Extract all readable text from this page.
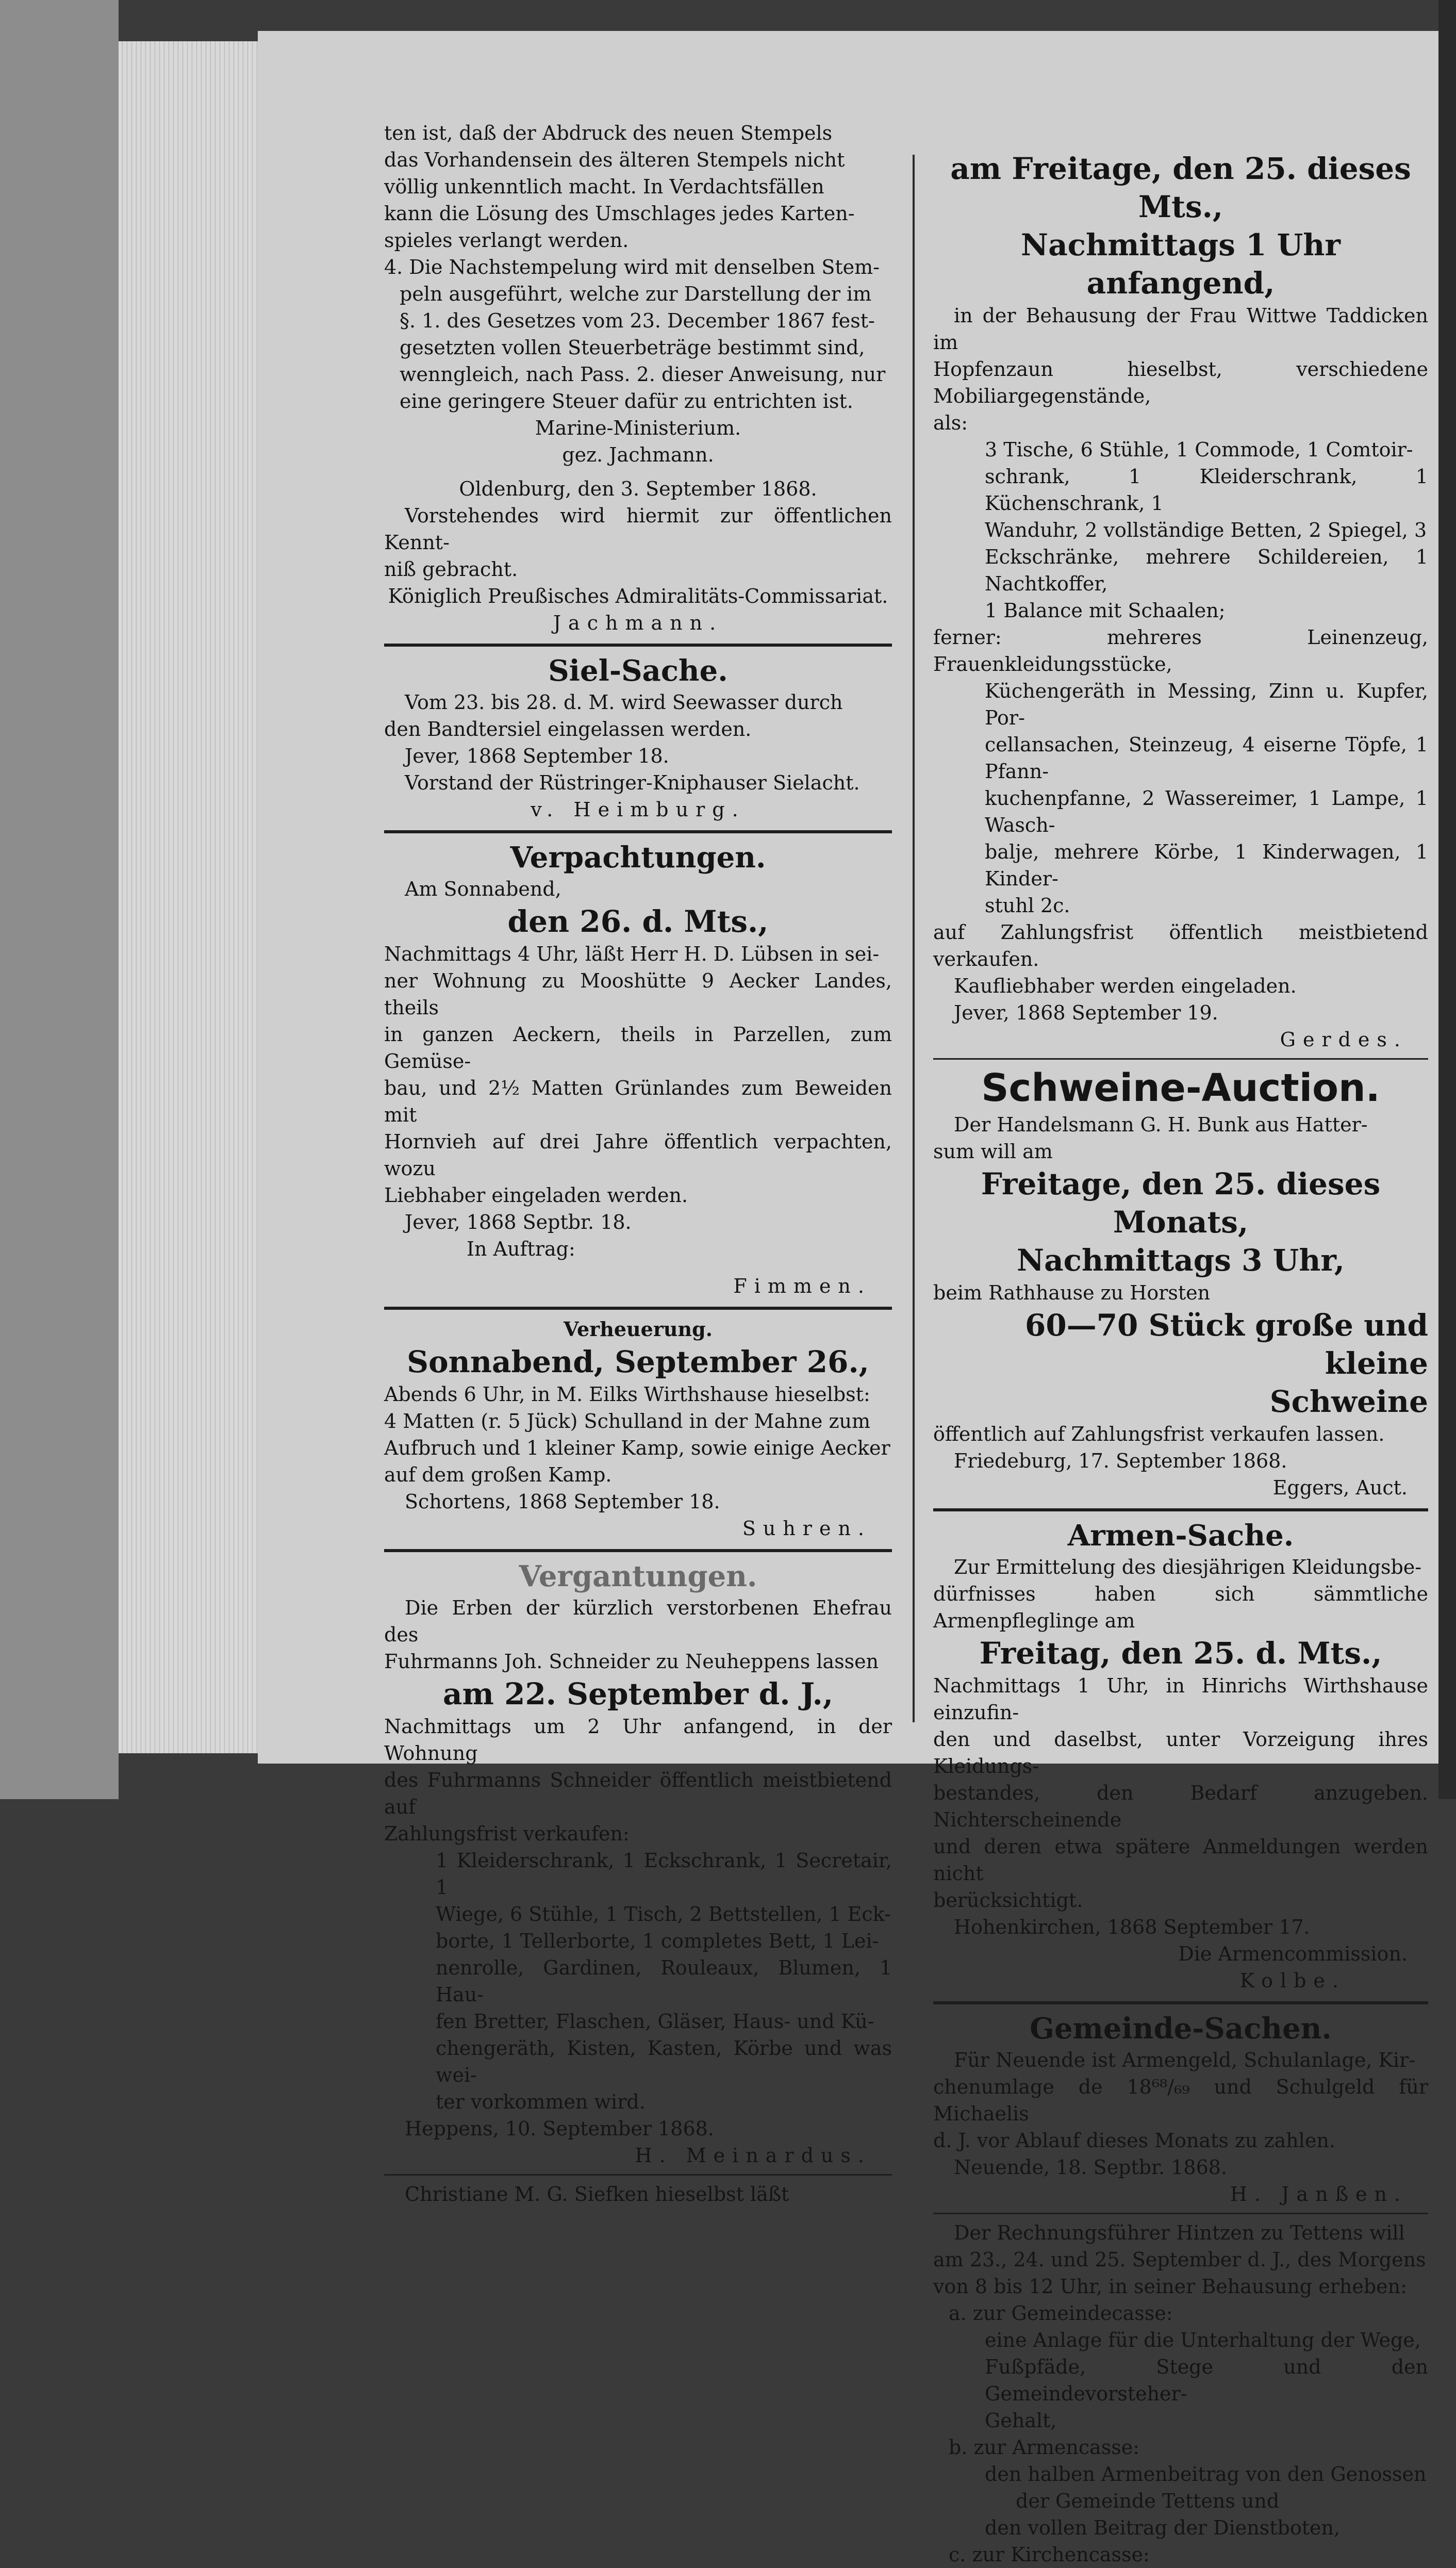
ten ist, daß der Abdruck des neuen Stempels

das Vorhandensein des älteren Stempels nicht

völlig unkenntlich macht. In Verdachtsfällen

kann die Lösung des Umschlages jedes Karten-

spieles verlangt werden.

4. Die Nachstempelung wird mit denselben Stem-

peln ausgeführt, welche zur Darstellung der im

§. 1. des Gesetzes vom 23. December 1867 fest-

gesetzten vollen Steuerbeträge bestimmt sind,

wenngleich, nach Pass. 2. dieser Anweisung, nur

eine geringere Steuer dafür zu entrichten ist.

Marine-Ministerium.

gez. Jachmann.

Oldenburg, den 3. September 1868.

Vorstehendes wird hiermit zur öffentlichen Kennt-

niß gebracht.

Königlich Preußisches Admiralitäts-Commissariat.

Jachmann.

Siel-Sache.

Vom 23. bis 28. d. M. wird Seewasser durch

den Bandtersiel eingelassen werden.

Jever, 1868 September 18.

Vorstand der Rüstringer-Kniphauser Sielacht.

v. Heimburg.

Verpachtungen.

Am Sonnabend,

den 26. d. Mts.,

Nachmittags 4 Uhr, läßt Herr H. D. Lübsen in sei-

ner Wohnung zu Mooshütte 9 Aecker Landes, theils

in ganzen Aeckern, theils in Parzellen, zum Gemüse-

bau, und 2½ Matten Grünlandes zum Beweiden mit

Hornvieh auf drei Jahre öffentlich verpachten, wozu

Liebhaber eingeladen werden.

Jever, 1868 Septbr. 18.

In Auftrag:

Fimmen.

Verheuerung.
Sonnabend, September 26.,

Abends 6 Uhr, in M. Eilks Wirthshause hieselbst:

4 Matten (r. 5 Jück) Schulland in der Mahne zum

Aufbruch und 1 kleiner Kamp, sowie einige Aecker

auf dem großen Kamp.

Schortens, 1868 September 18.

Suhren.

Vergantungen.

Die Erben der kürzlich verstorbenen Ehefrau des

Fuhrmanns Joh. Schneider zu Neuheppens lassen

am 22. September d. J.,

Nachmittags um 2 Uhr anfangend, in der Wohnung

des Fuhrmanns Schneider öffentlich meistbietend auf

Zahlungsfrist verkaufen:

1 Kleiderschrank, 1 Eckschrank, 1 Secretair, 1

Wiege, 6 Stühle, 1 Tisch, 2 Bettstellen, 1 Eck-

borte, 1 Tellerborte, 1 completes Bett, 1 Lei-

nenrolle, Gardinen, Rouleaux, Blumen, 1 Hau-

fen Bretter, Flaschen, Gläser, Haus- und Kü-

chengeräth, Kisten, Kasten, Körbe und was wei-

ter vorkommen wird.

Heppens, 10. September 1868.

H. Meinardus.

Christiane M. G. Siefken hieselbst läßt

am Freitage, den 25. dieses Mts.,
Nachmittags 1 Uhr anfangend,

in der Behausung der Frau Wittwe Taddicken im

Hopfenzaun hieselbst, verschiedene Mobiliargegenstände,

als:

3 Tische, 6 Stühle, 1 Commode, 1 Comtoir-

schrank, 1 Kleiderschrank, 1 Küchenschrank, 1

Wanduhr, 2 vollständige Betten, 2 Spiegel, 3

Eckschränke, mehrere Schildereien, 1 Nachtkoffer,

1 Balance mit Schaalen;

ferner: mehreres Leinenzeug, Frauenkleidungsstücke,

Küchengeräth in Messing, Zinn u. Kupfer, Por-

cellansachen, Steinzeug, 4 eiserne Töpfe, 1 Pfann-

kuchenpfanne, 2 Wassereimer, 1 Lampe, 1 Wasch-

balje, mehrere Körbe, 1 Kinderwagen, 1 Kinder-

stuhl 2c.

auf Zahlungsfrist öffentlich meistbietend verkaufen.

Kaufliebhaber werden eingeladen.

Jever, 1868 September 19.

Gerdes.

Schweine-Auction.

Der Handelsmann G. H. Bunk aus Hatter-

sum will am

Freitage, den 25. dieses Monats,
Nachmittags 3 Uhr,

beim Rathhause zu Horsten

60—70 Stück große und kleine
Schweine

öffentlich auf Zahlungsfrist verkaufen lassen.

Friedeburg, 17. September 1868.

Eggers, Auct.

Armen-Sache.

Zur Ermittelung des diesjährigen Kleidungsbe-

dürfnisses haben sich sämmtliche Armenpfleglinge am

Freitag, den 25. d. Mts.,

Nachmittags 1 Uhr, in Hinrichs Wirthshause einzufin-

den und daselbst, unter Vorzeigung ihres Kleidungs-

bestandes, den Bedarf anzugeben. Nichterscheinende

und deren etwa spätere Anmeldungen werden nicht

berücksichtigt.

Hohenkirchen, 1868 September 17.

Die Armencommission.

Kolbe.

Gemeinde-Sachen.

Für Neuende ist Armengeld, Schulanlage, Kir-

chenumlage de 18⁶⁸/₆₉ und Schulgeld für Michaelis

d. J. vor Ablauf dieses Monats zu zahlen.

Neuende, 18. Septbr. 1868.

H. Janßen.

Der Rechnungsführer Hintzen zu Tettens will

am 23., 24. und 25. September d. J., des Morgens

von 8 bis 12 Uhr, in seiner Behausung erheben:

a. zur Gemeindecasse:

eine Anlage für die Unterhaltung der Wege,

Fußpfäde, Stege und den Gemeindevorsteher-

Gehalt,

b. zur Armencasse:

den halben Armenbeitrag von den Genossen

der Gemeinde Tettens und

den vollen Beitrag der Dienstboten,

c. zur Kirchencasse:
